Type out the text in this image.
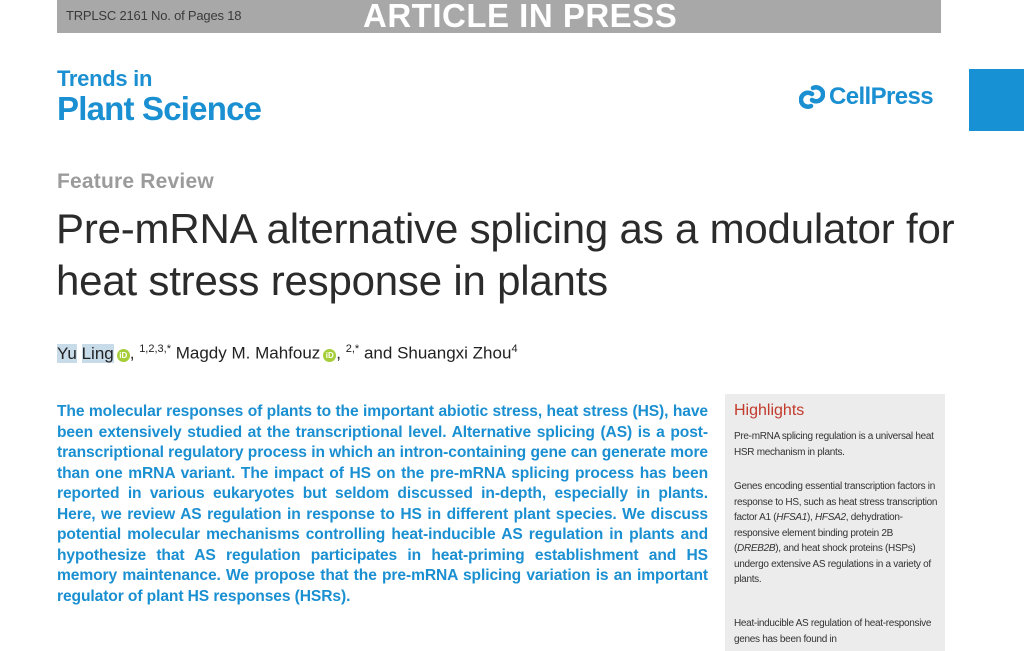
TRPLSC 2161 No. of Pages 18	ARTICLE IN PRESS
Trends in
Plant Science	CellPress
Feature Review
Pre-mRNA alternative splicing as a modulator for heat stress response in plants
Yu Ling iD , $^{1,2,3,*}$ Magdy M. Mahfouz iD , $^{2,*}$ and Shuangxi Zhou$^4$
The molecular responses of plants to the important abiotic stress, heat stress (HS), have been extensively studied at the transcriptional level. Alternative splicing (AS) is a post-transcriptional regulatory process in which an intron-containing gene can generate more than one mRNA variant. The impact of HS on the pre-mRNA splicing process has been reported in various eukaryotes but seldom discussed in-depth, especially in plants. Here, we review AS regulation in response to HS in different plant species. We discuss potential molecular mechanisms controlling heat-inducible AS regulation in plants and hypothesize that AS regulation participates in heat-priming establishment and HS memory maintenance. We propose that the pre-mRNA splicing variation is an important regulator of plant HS responses (HSRs).
Highlights
Pre-mRNA splicing regulation is a universal heat HSR mechanism in plants.
Genes encoding essential transcription factors in response to HS, such as heat stress transcription factor A1 (HFSA1), HFSA2, dehydration-responsive element binding protein 2B (DREB2B), and heat shock proteins (HSPs) undergo extensive AS regulations in a variety of plants.
Heat-inducible AS regulation of heat-responsive genes has been found in
